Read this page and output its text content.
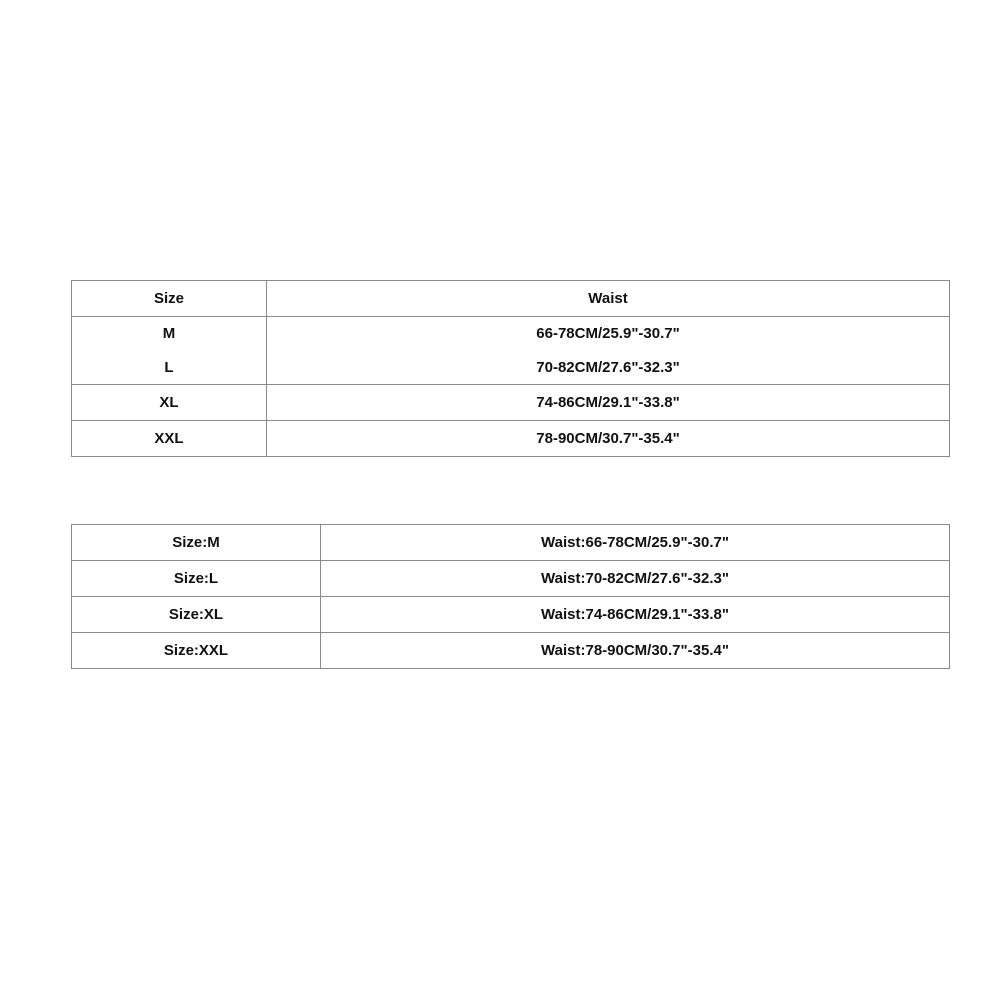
Size	Waist
M	66-78CM/25.9"-30.7"
L	70-82CM/27.6"-32.3"
XL	74-86CM/29.1"-33.8"
XXL	78-90CM/30.7"-35.4"
Size:M	Waist:66-78CM/25.9"-30.7"
Size:L	Waist:70-82CM/27.6"-32.3"
Size:XL	Waist:74-86CM/29.1"-33.8"
Size:XXL	Waist:78-90CM/30.7"-35.4"
